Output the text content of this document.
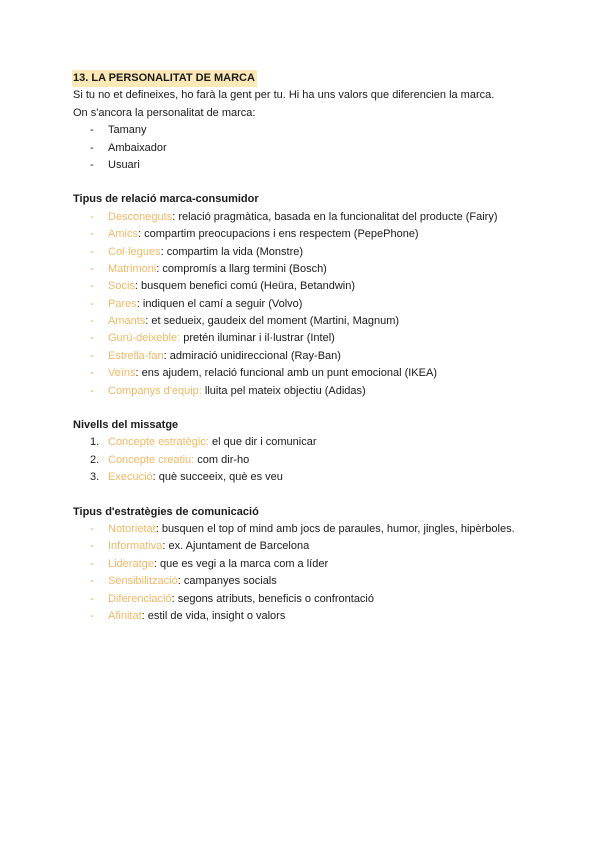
13. LA PERSONALITAT DE MARCA
Si tu no et defineixes, ho farà la gent per tu. Hi ha uns valors que diferencien la marca.
On s'ancora la personalitat de marca:
- Tamany
- Ambaixador
- Usuari
Tipus de relació marca-consumidor
- Desconeguts: relació pragmàtica, basada en la funcionalitat del producte (Fairy)
- Amics: compartim preocupacions i ens respectem (PepePhone)
- Col·legues: compartim la vida (Monstre)
- Matrimoni: compromís a llarg termini (Bosch)
- Socis: busquem benefici comú (Heüra, Betandwin)
- Pares: indiquen el camí a seguir (Volvo)
- Amants: et sedueix, gaudeix del moment (Martini, Magnum)
- Gurú-deixeble: pretén iluminar i il·lustrar (Intel)
- Estrella-fan: admiració unidireccional (Ray-Ban)
- Veïns: ens ajudem, relació funcional amb un punt emocional (IKEA)
- Companys d'equip: lluita pel mateix objectiu (Adidas)
Nivells del missatge
1. Concepte estratègic: el que dir i comunicar
2. Concepte creatiu: com dir-ho
3. Execució: què succeeix, què es veu
Tipus d'estratègies de comunicació
- Notorietat: busquen el top of mind amb jocs de paraules, humor, jingles, hipèrboles.
- Informativa: ex. Ajuntament de Barcelona
- Lideratge: que es vegi a la marca com a líder
- Sensibilització: campanyes socials
- Diferenciació: segons atributs, beneficis o confrontació
- Afinitat: estil de vida, insight o valors
